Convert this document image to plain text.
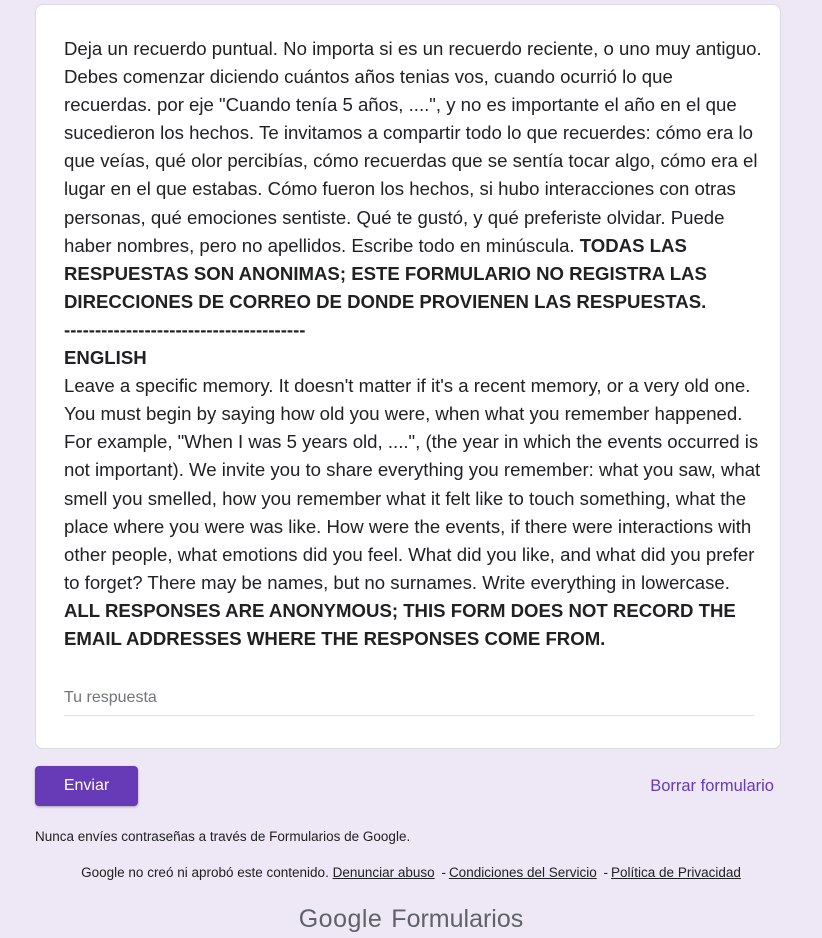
Deja un recuerdo puntual. No importa si es un recuerdo reciente, o uno muy antiguo. Debes comenzar diciendo cuántos años tenias vos, cuando ocurrió lo que recuerdas. por eje "Cuando tenía 5 años, ....", y no es importante el año en el que sucedieron los hechos. Te invitamos a compartir todo lo que recuerdes: cómo era lo que veías, qué olor percibías, cómo recuerdas que se sentía tocar algo, cómo era el lugar en el que estabas. Cómo fueron los hechos, si hubo interacciones con otras personas, qué emociones sentiste. Qué te gustó, y qué preferiste olvidar. Puede haber nombres, pero no apellidos. Escribe todo en minúscula. TODAS LAS RESPUESTAS SON ANONIMAS; ESTE FORMULARIO NO REGISTRA LAS DIRECCIONES DE CORREO DE DONDE PROVIENEN LAS RESPUESTAS.

---------------------------------------

ENGLISH

Leave a specific memory. It doesn't matter if it's a recent memory, or a very old one. You must begin by saying how old you were, when what you remember happened. For example, "When I was 5 years old, ....", (the year in which the events occurred is not important). We invite you to share everything you remember: what you saw, what smell you smelled, how you remember what it felt like to touch something, what the place where you were was like. How were the events, if there were interactions with other people, what emotions did you feel. What did you like, and what did you prefer to forget? There may be names, but no surnames. Write everything in lowercase. ALL RESPONSES ARE ANONYMOUS; THIS FORM DOES NOT RECORD THE EMAIL ADDRESSES WHERE THE RESPONSES COME FROM.

Tu respuesta
Enviar	Borrar formulario
Nunca envíes contraseñas a través de Formularios de Google.
Google no creó ni aprobó este contenido. Denunciar abuso - Condiciones del Servicio - Política de Privacidad
Google Formularios
